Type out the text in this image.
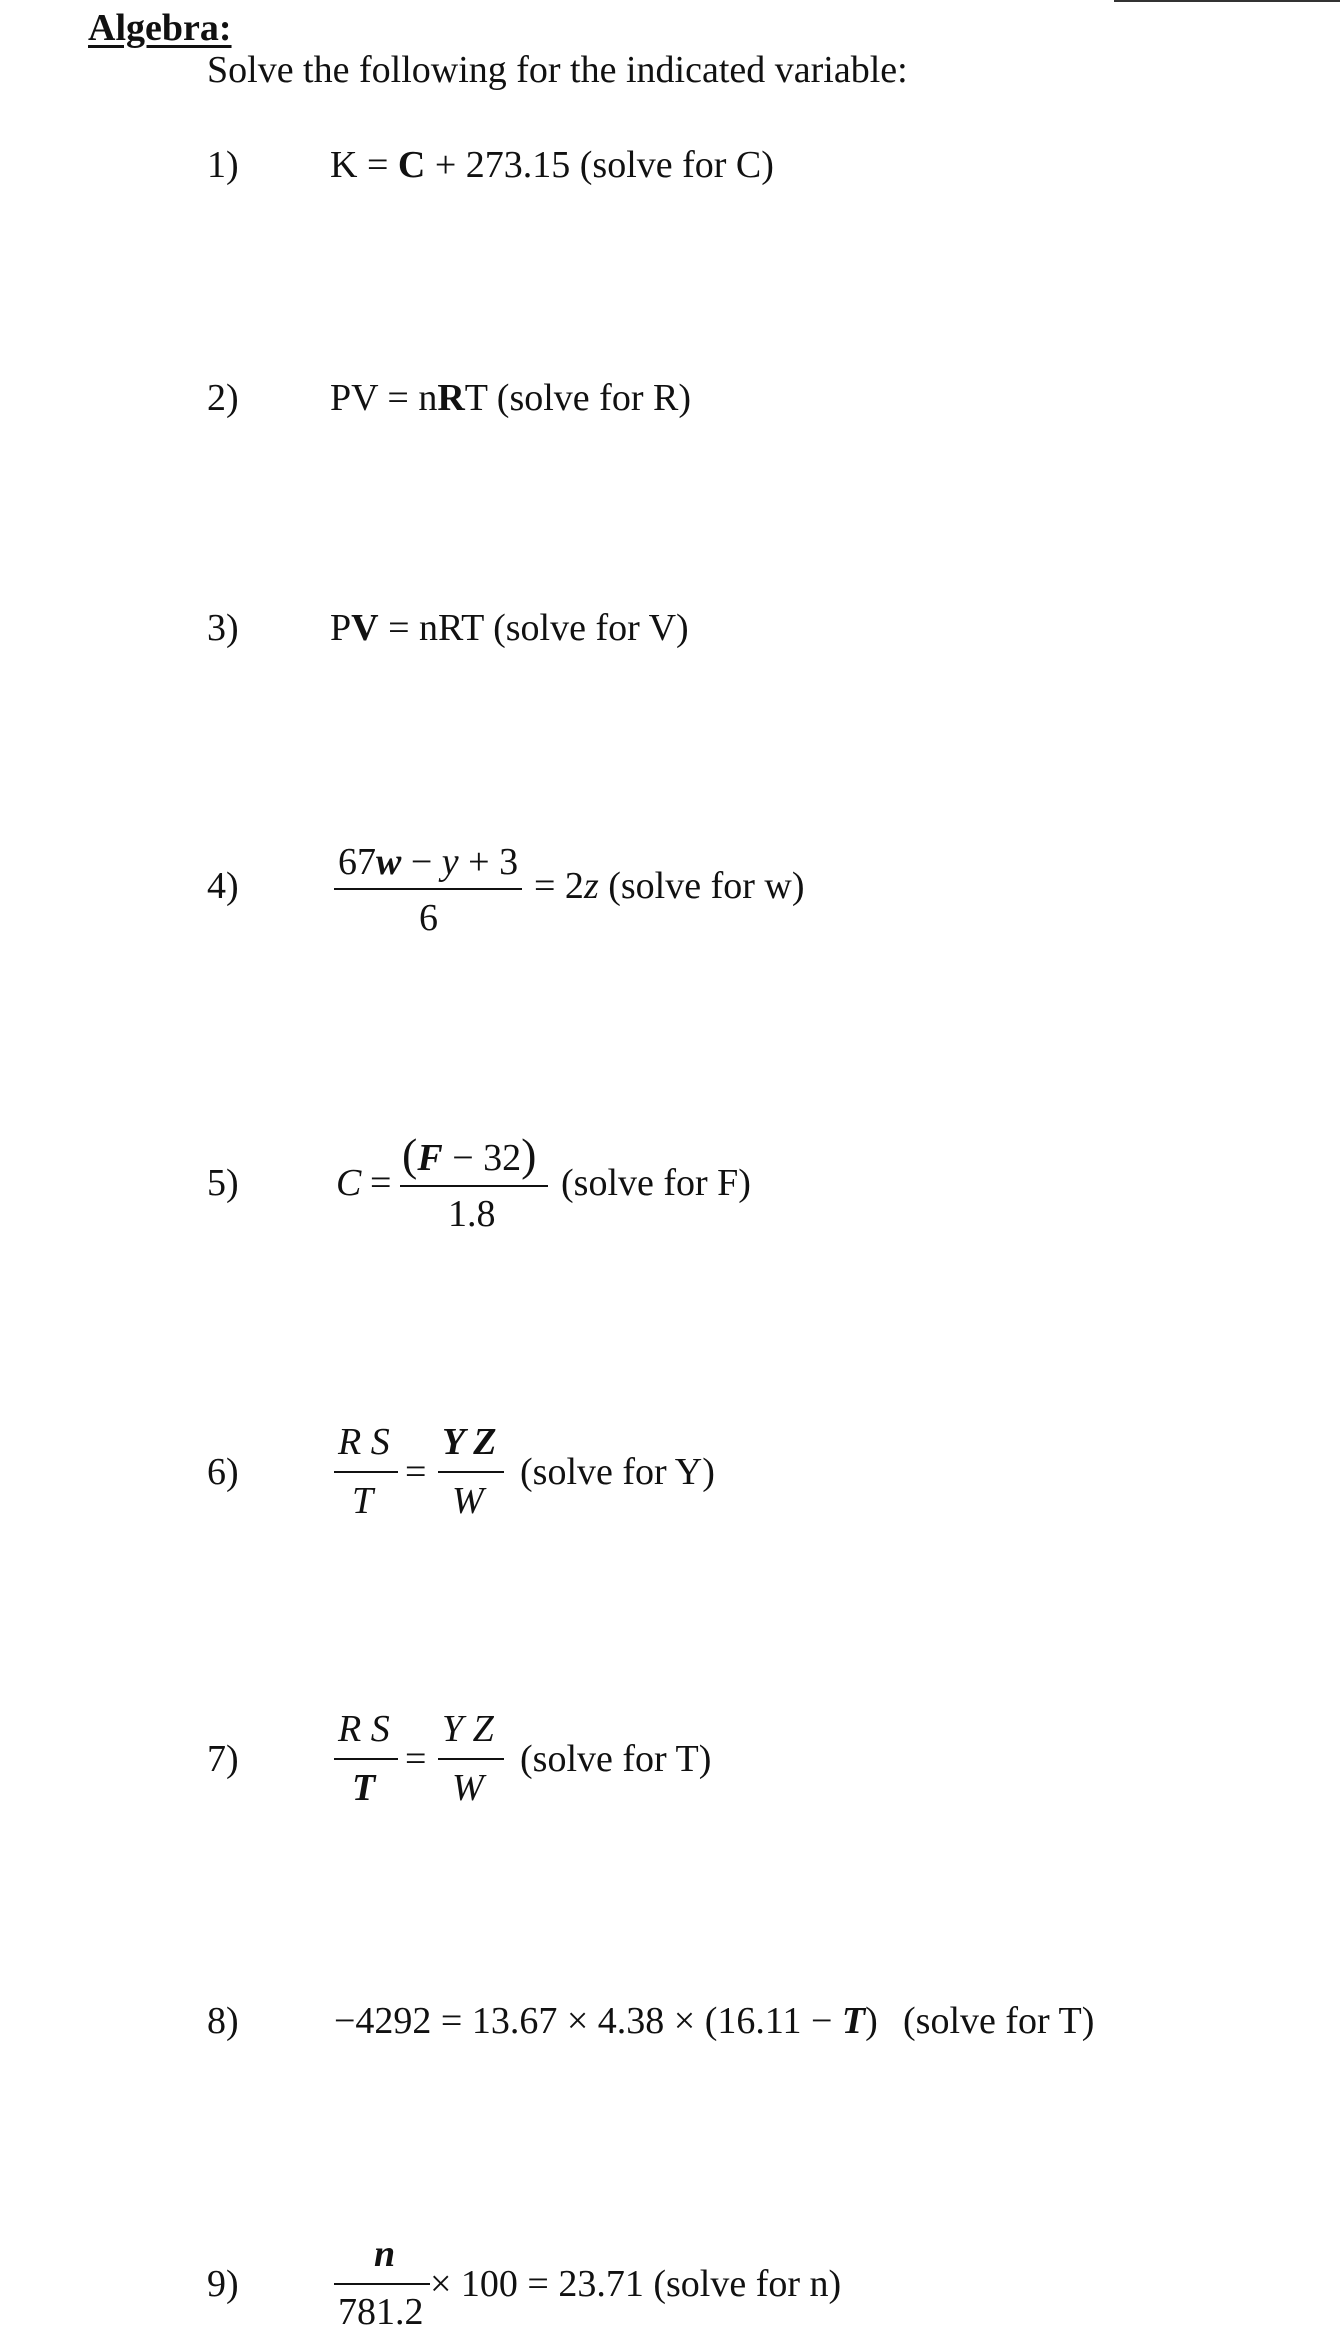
Algebra:
Solve the following for the indicated variable:
1) K = C + 273.15 (solve for C)
2) PV = nRT (solve for R)
3) PV = nRT (solve for V)
4)
67w − y + 3
6
= 2z (solve for w)
5)	C =
(F − 32)
1.8
(solve for F)
6)
R S
T
=
Y Z
W
(solve for Y)
7)
R S
T
=
Y Z
W
(solve for T)
8)	−4292 = 13.67 × 4.38 × (16.11 − T) (solve for T)
9)
n
781.2
× 100 = 23.71 (solve for n)
